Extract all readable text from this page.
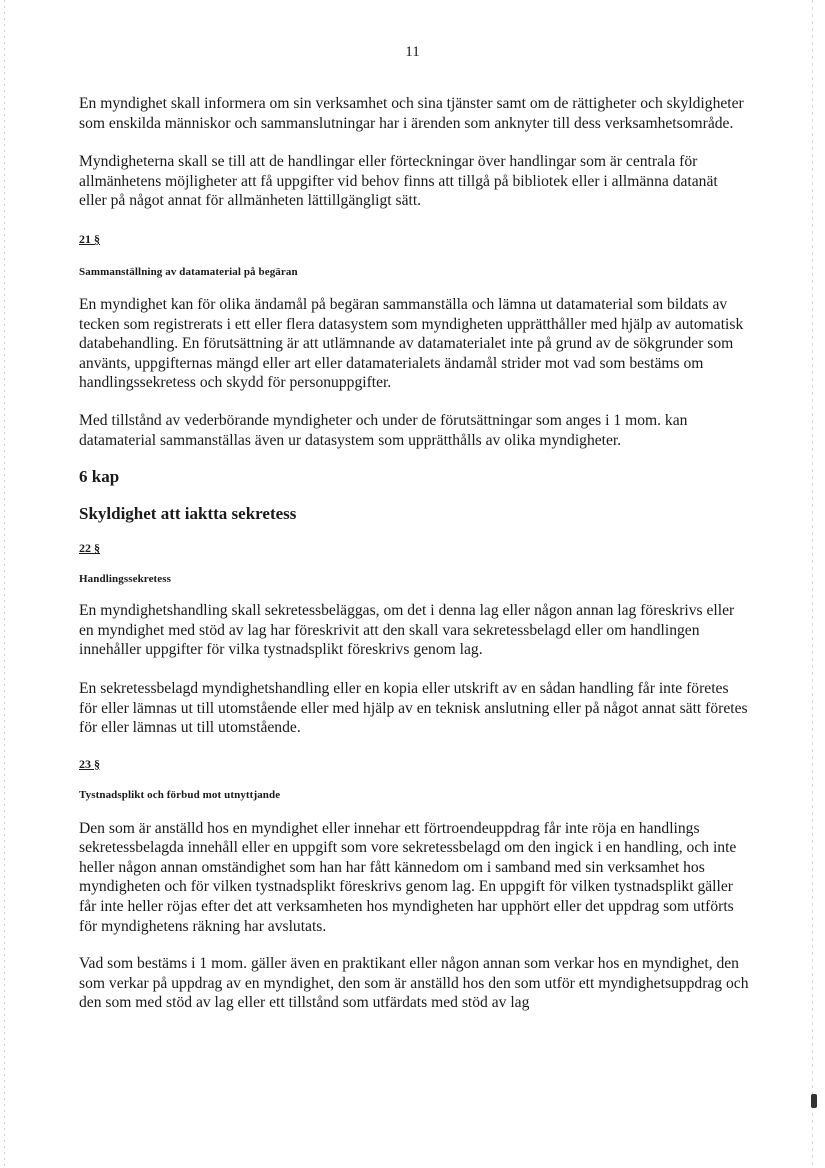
11

En myndighet skall informera om sin verksamhet och sina tjänster samt om de rättigheter och skyldigheter som enskilda människor och sammanslutningar har i ärenden som anknyter till dess verksamhetsområde.

Myndigheterna skall se till att de handlingar eller förteckningar över handlingar som är centrala för allmänhetens möjligheter att få uppgifter vid behov finns att tillgå på bibliotek eller i allmänna datanät eller på något annat för allmänheten lättillgängligt sätt.

21 §

Sammanställning av datamaterial på begäran

En myndighet kan för olika ändamål på begäran sammanställa och lämna ut datamaterial som bildats av tecken som registrerats i ett eller flera datasystem som myndigheten upprätthåller med hjälp av automatisk databehandling. En förutsättning är att utlämnande av datamaterialet inte på grund av de sökgrunder som använts, uppgifternas mängd eller art eller datamaterialets ändamål strider mot vad som bestäms om handlingssekretess och skydd för personuppgifter.

Med tillstånd av vederbörande myndigheter och under de förutsättningar som anges i 1 mom. kan datamaterial sammanställas även ur datasystem som upprätthålls av olika myndigheter.

6 kap

Skyldighet att iaktta sekretess

22 §

Handlingssekretess

En myndighetshandling skall sekretessbeläggas, om det i denna lag eller någon annan lag föreskrivs eller en myndighet med stöd av lag har föreskrivit att den skall vara sekretessbelagd eller om handlingen innehåller uppgifter för vilka tystnadsplikt föreskrivs genom lag.

En sekretessbelagd myndighetshandling eller en kopia eller utskrift av en sådan handling får inte företes för eller lämnas ut till utomstående eller med hjälp av en teknisk anslutning eller på något annat sätt företes för eller lämnas ut till utomstående.

23 §

Tystnadsplikt och förbud mot utnyttjande

Den som är anställd hos en myndighet eller innehar ett förtroendeuppdrag får inte röja en handlings sekretessbelagda innehåll eller en uppgift som vore sekretessbelagd om den ingick i en handling, och inte heller någon annan omständighet som han har fått kännedom om i samband med sin verksamhet hos myndigheten och för vilken tystnadsplikt föreskrivs genom lag. En uppgift för vilken tystnadsplikt gäller får inte heller röjas efter det att verksamheten hos myndigheten har upphört eller det uppdrag som utförts för myndighetens räkning har avslutats.

Vad som bestäms i 1 mom. gäller även en praktikant eller någon annan som verkar hos en myndighet, den som verkar på uppdrag av en myndighet, den som är anställd hos den som utför ett myndighetsuppdrag och den som med stöd av lag eller ett tillstånd som utfärdats med stöd av lag
